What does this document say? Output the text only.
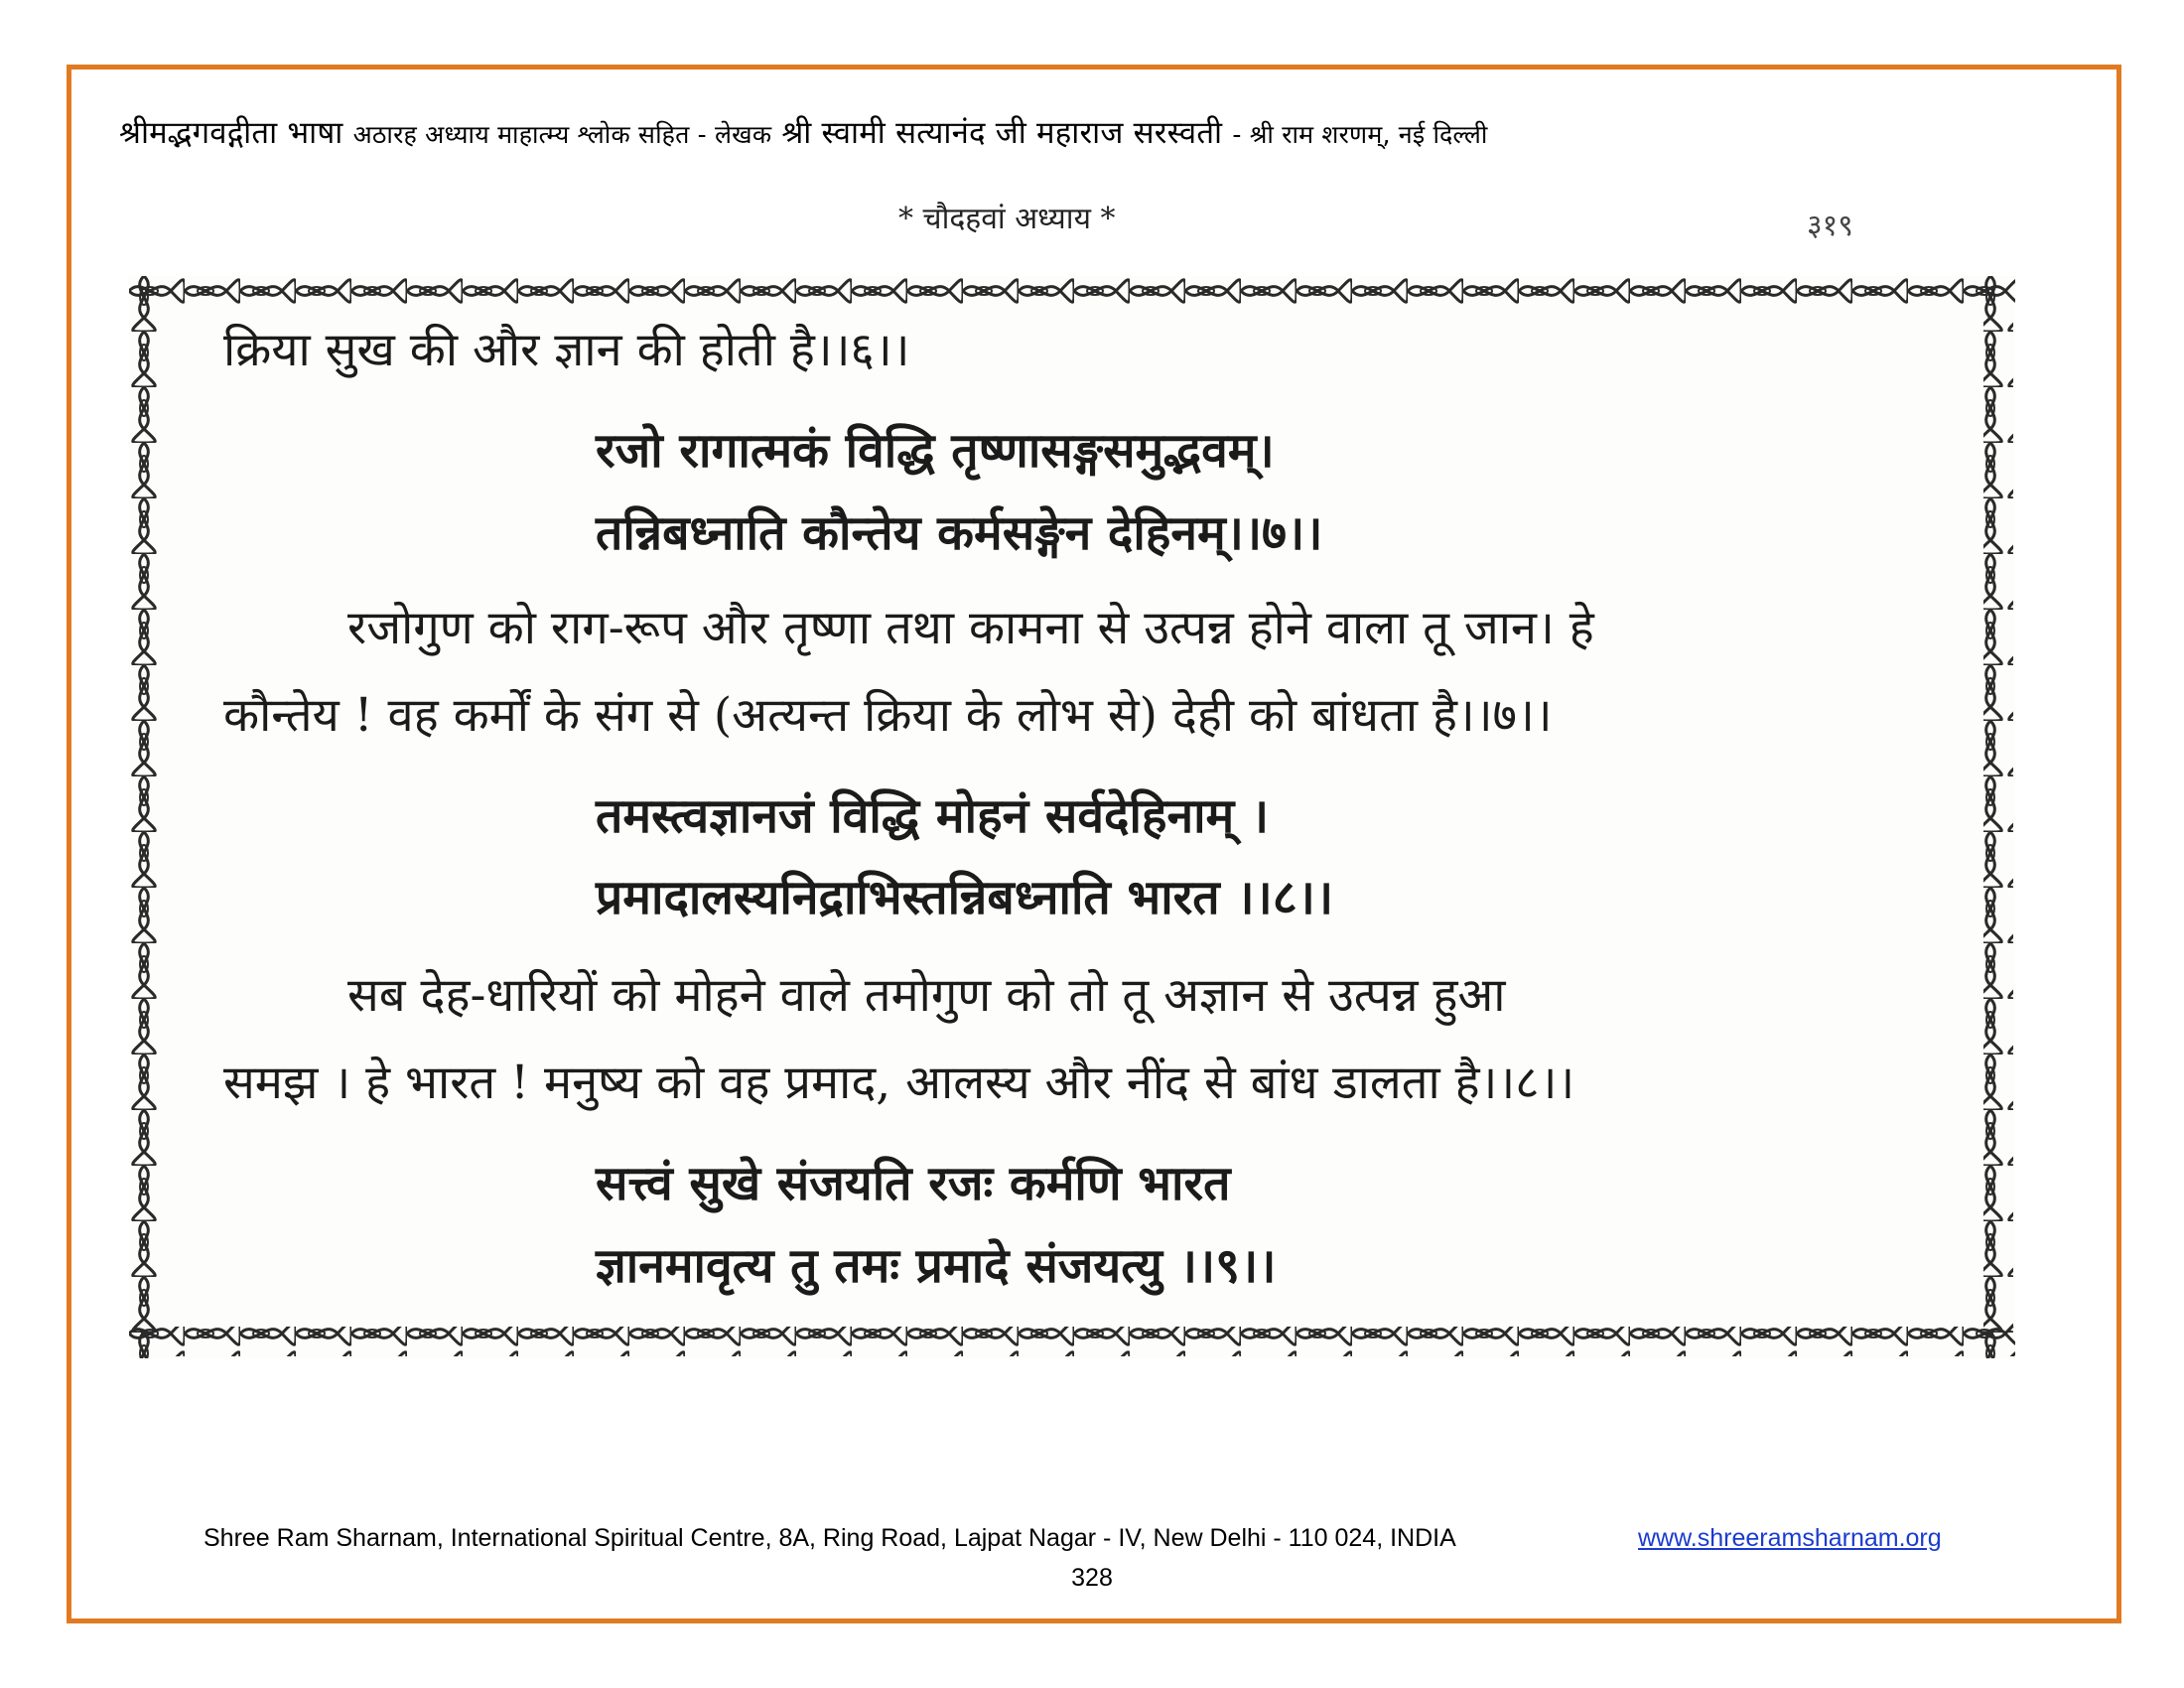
श्रीमद्भगवद्गीता भाषा अठारह अध्याय माहात्म्य श्लोक सहित - लेखक श्री स्वामी सत्यानंद जी महाराज सरस्वती - श्री राम शरणम्, नई दिल्ली
* चौदहवां अध्याय *	३१९
क्रिया सुख की और ज्ञान की होती है।।६।।
रजो रागात्मकं विद्धि तृष्णासङ्गसमुद्भवम्।
तन्निबध्नाति कौन्तेय कर्मसङ्गेन देहिनम्।।७।।
रजोगुण को राग-रूप और तृष्णा तथा कामना से उत्पन्न होने वाला तू जान। हे
कौन्तेय ! वह कर्मों के संग से (अत्यन्त क्रिया के लोभ से) देही को बांधता है।।७।।
तमस्त्वज्ञानजं विद्धि मोहनं सर्वदेहिनाम् ।
प्रमादालस्यनिद्राभिस्तन्निबध्नाति भारत ।।८।।
सब देह-धारियों को मोहने वाले तमोगुण को तो तू अज्ञान से उत्पन्न हुआ
समझ । हे भारत ! मनुष्य को वह प्रमाद, आलस्य और नींद से बांध डालता है।।८।।
सत्त्वं सुखे संजयति रजः कर्मणि भारत
ज्ञानमावृत्य तु तमः प्रमादे संजयत्यु ।।९।।
Shree Ram Sharnam, International Spiritual Centre, 8A, Ring Road, Lajpat Nagar - IV, New Delhi - 110 024, INDIA	www.shreeramsharnam.org
328
